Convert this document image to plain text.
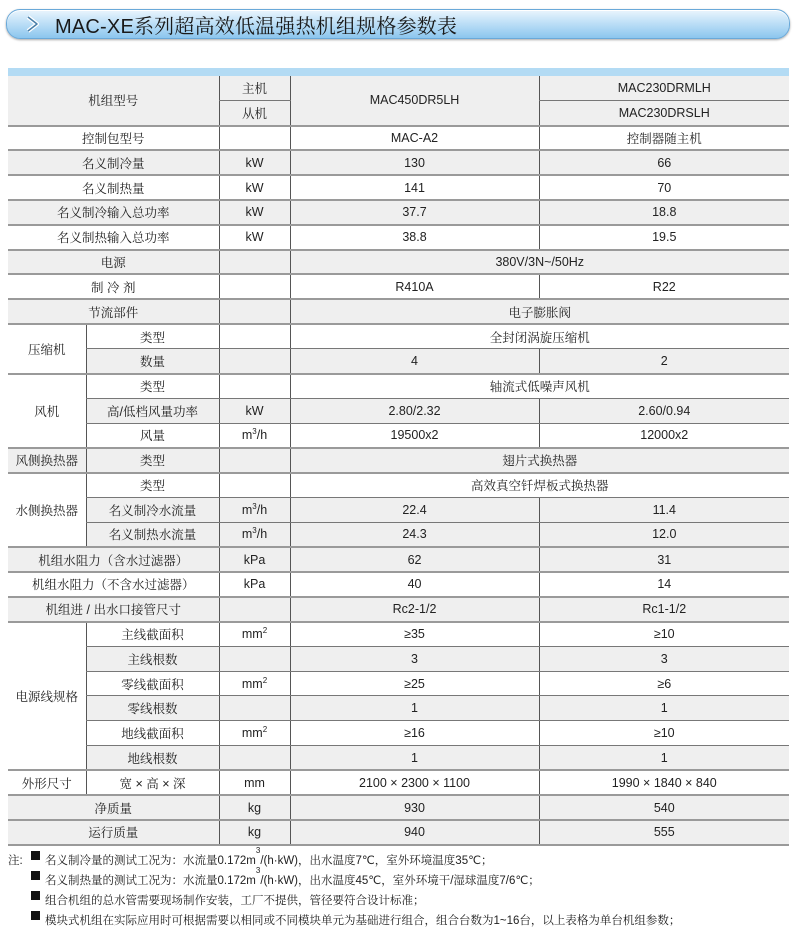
MAC-XE系列超高效低温强热机组规格参数表
机组型号		主机	MAC450DR5LH	MAC230DRMLH
		从机		MAC230DRSLH
控制包型号			MAC-A2	控制器随主机
名义制冷量		kW	130	66
名义制热量		kW	141	70
名义制冷输入总功率		kW	37.7	18.8
名义制热输入总功率		kW	38.8	19.5
电源			380V/3N~/50Hz	
制 冷 剂			R410A	R22
节流部件			电子膨胀阀	
压缩机	类型		全封闭涡旋压缩机	
	数量		4	2
风机	类型		轴流式低噪声风机	
	高/低档风量功率	kW	2.80/2.32	2.60/0.94
	风量	$m^3/h$	19500x2	12000x2
风侧换热器	类型		翅片式换热器	
水侧换热器	类型		高效真空钎焊板式换热器	
	名义制冷水流量	$m^3/h$	22.4	11.4
	名义制热水流量	$m^3/h$	24.3	12.0
机组水阻力（含水过滤器）		kPa	62	31
机组水阻力（不含水过滤器）		kPa	40	14
机组进 / 出水口接管尺寸			Rc2-1/2	Rc1-1/2
电源线规格	主线截面积	$mm^2$	≥35	≥10
	主线根数		3	3
	零线截面积	$mm^2$	≥25	≥6
	零线根数		1	1
	地线截面积	$mm^2$	≥16	≥10
	地线根数		1	1
外形尺寸	宽 × 高 × 深	mm	2100 × 2300 × 1100	1990 × 1840 × 840
净质量		kg	930	540
运行质量		kg	940	555
注:	名义制冷量的测试工况为：水流量0.172m
3
/(h·kW)，出水温度7℃，室外环境温度35℃；
名义制热量的测试工况为：水流量0.172m
3
/(h·kW)，出水温度45℃，室外环境干/湿球温度7/6℃；
组合机组的总水管需要现场制作安装，工厂不提供，管径要符合设计标准；
模块式机组在实际应用时可根据需要以相同或不同模块单元为基础进行组合，组合台数为1~16台，以上表格为单台机组参数；
